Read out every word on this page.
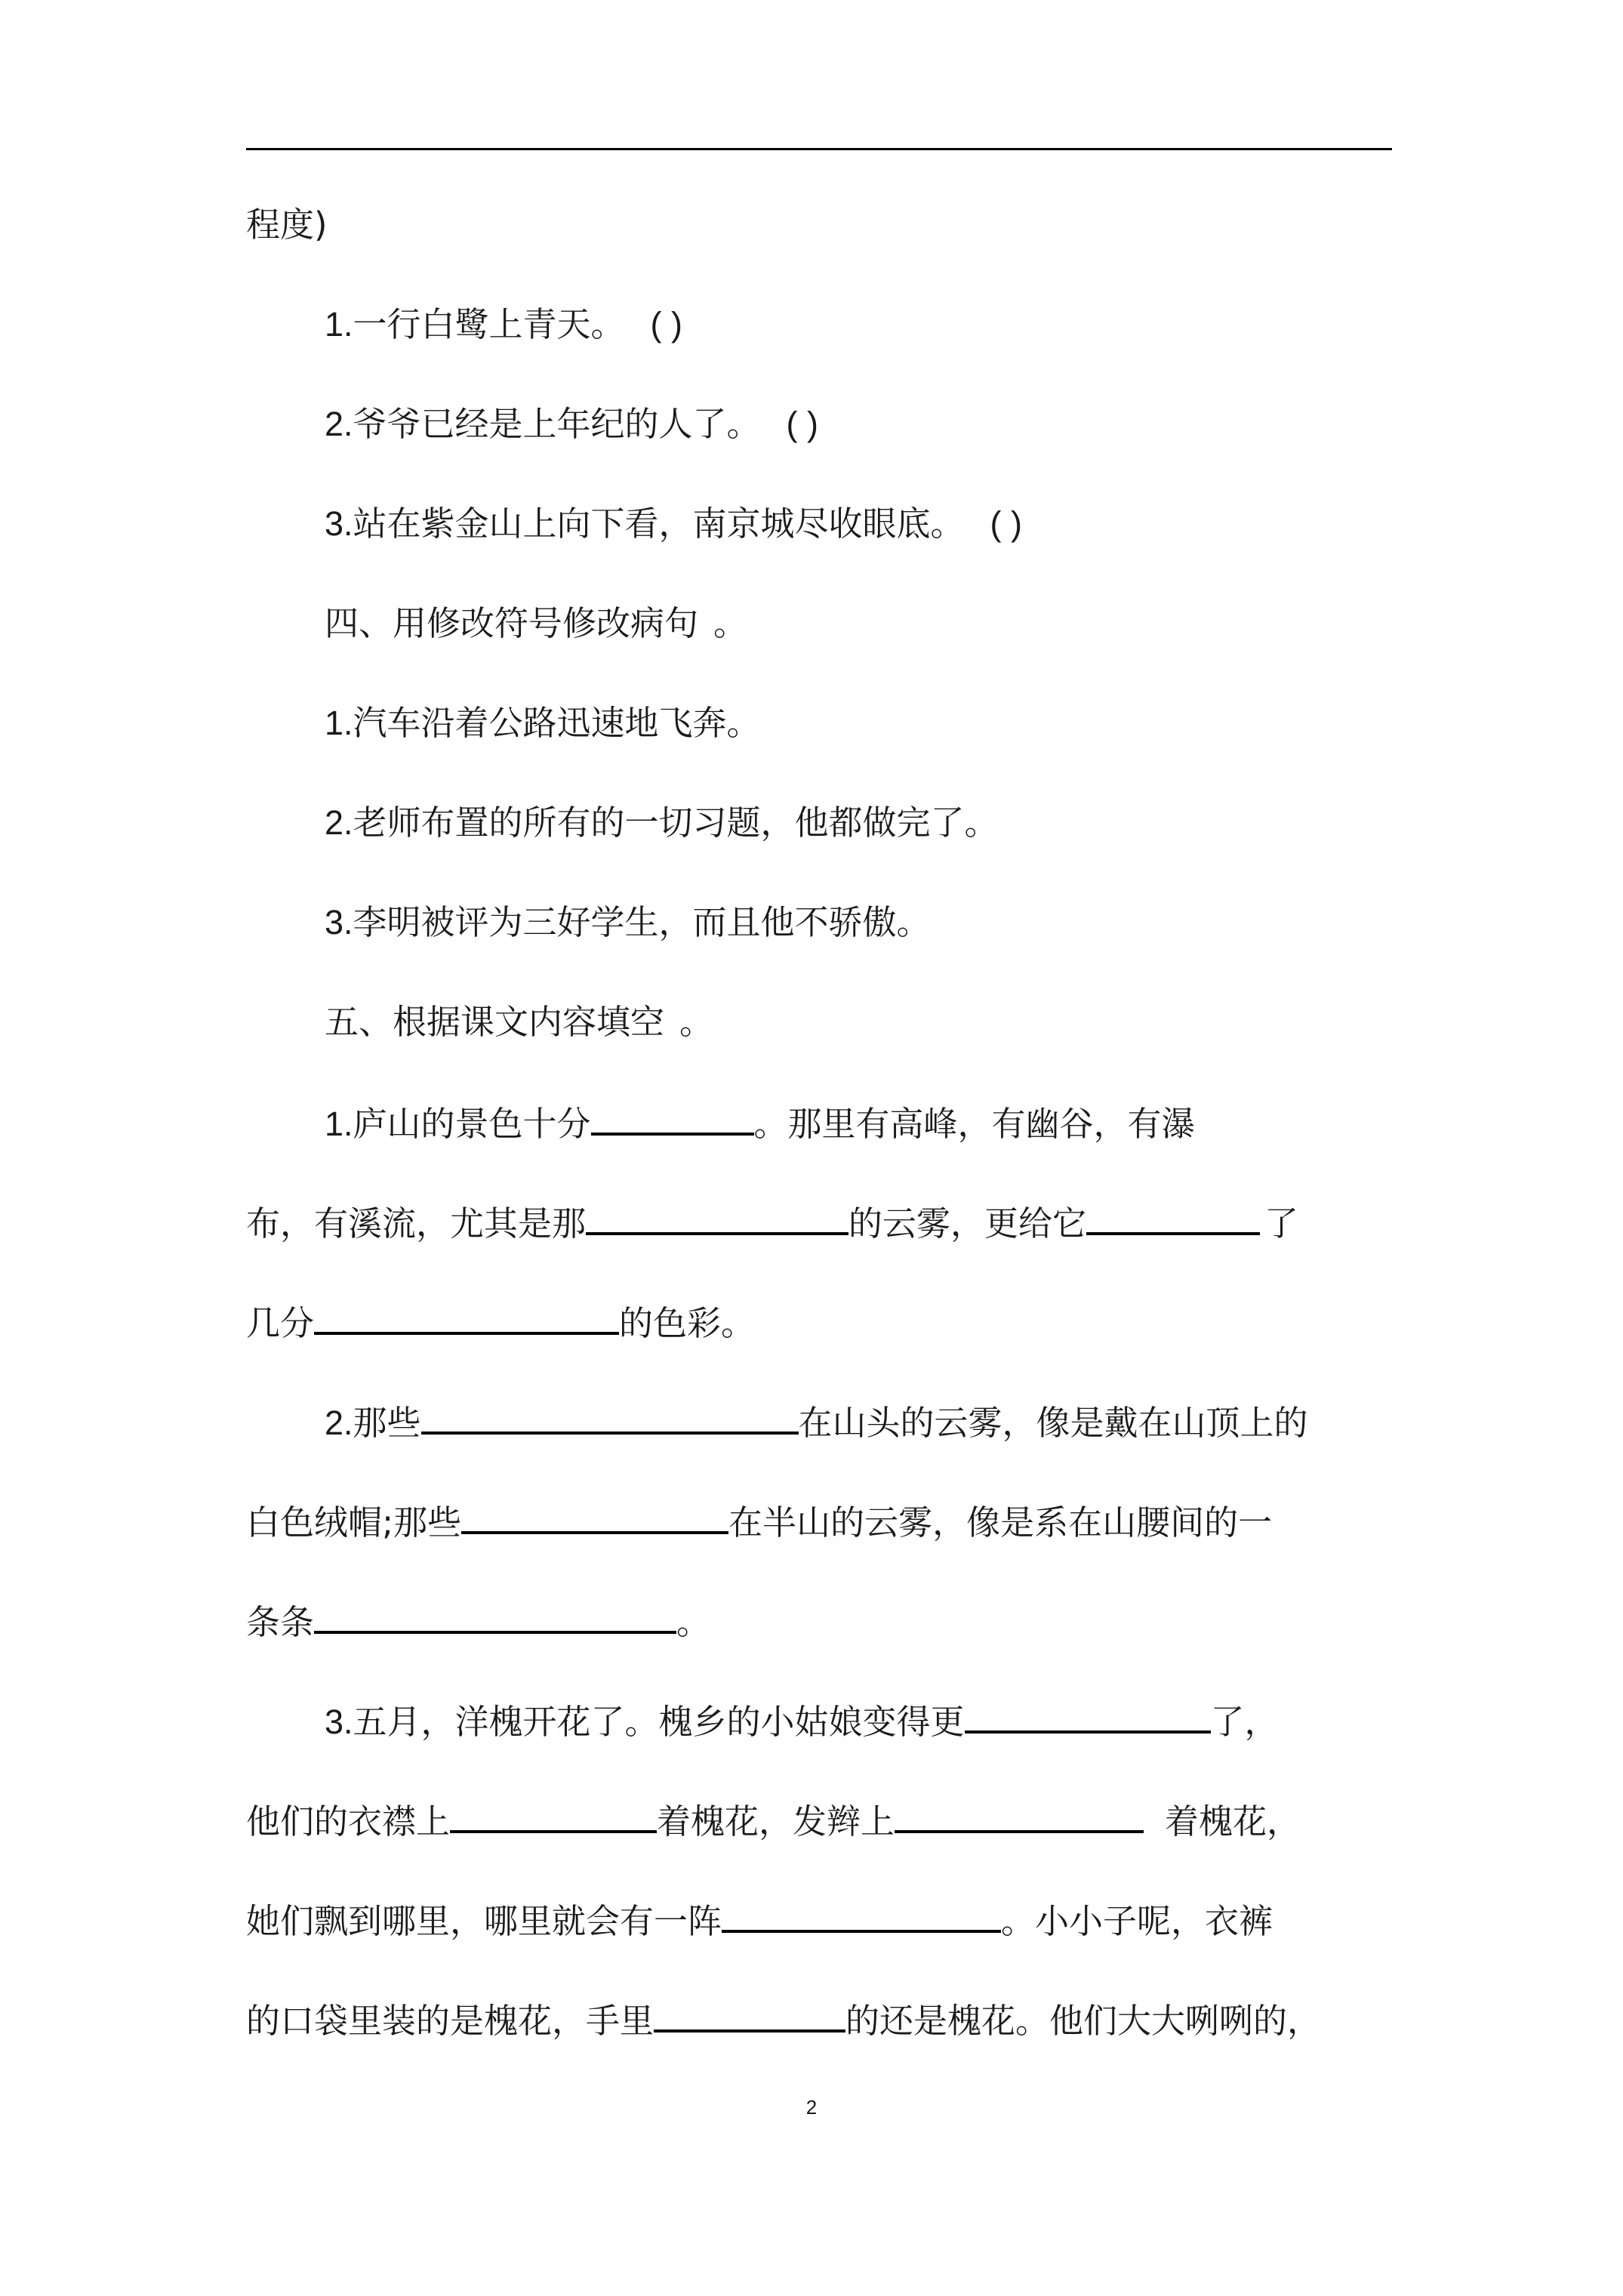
程度)
1.一行白鹭上青天。 ( )
2.爷爷已经是上年纪的人了。 ( )
3.站在紫金山上向下看，南京城尽收眼底。 ( )
四、用修改符号修改病句 。
1.汽车沿着公路迅速地飞奔。
2.老师布置的所有的一切习题，他都做完了。
3.李明被评为三好学生，而且他不骄傲。
五、根据课文内容填空 。
1.庐山的景色十分	。那里有高峰，有幽谷，有瀑
布，有溪流，尤其是那	的云雾，更给它	了
几分	的色彩。
2.那些	在山头的云雾，像是戴在山顶上的
白色绒帽;那些	在半山的云雾，像是系在山腰间的一
条条	。
3.五月，洋槐开花了。槐乡的小姑娘变得更	了，
他们的衣襟上	着槐花，发辫上	着槐花，
她们飘到哪里，哪里就会有一阵	。小小子呢，衣裤
的口袋里装的是槐花，手里	的还是槐花。他们大大咧咧的，
2
